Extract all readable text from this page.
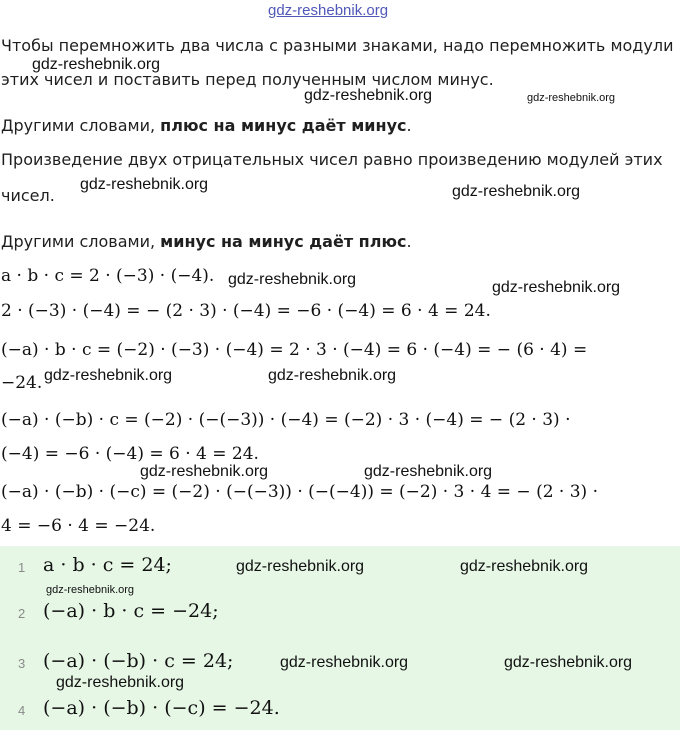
gdz-reshebnik.org
gdz-reshebnik.org
gdz-reshebnik.org	gdz-reshebnik.org
gdz-reshebnik.org	gdz-reshebnik.org
gdz-reshebnik.org	gdz-reshebnik.org
gdz-reshebnik.org	gdz-reshebnik.org
gdz-reshebnik.org	gdz-reshebnik.org

Чтобы перемножить два числа с разными знаками, надо перемножить модули

этих чисел и поставить перед полученным числом минус.

Другими словами, плюс на минус даёт минус.

Произведение двух отрицательных чисел равно произведению модулей этих

чисел.

Другими словами, минус на минус даёт плюс.

a · b · c = 2 · (−3) · (−4).
2 · (−3) · (−4) = − (2 · 3) · (−4) = −6 · (−4) = 6 · 4 = 24.
(−a) · b · c = (−2) · (−3) · (−4) = 2 · 3 · (−4) = 6 · (−4) = − (6 · 4) =
−24.
(−a) · (−b) · c = (−2) · (−(−3)) · (−4) = (−2) · 3 · (−4) = − (2 · 3) ·
(−4) = −6 · (−4) = 6 · 4 = 24.
(−a) · (−b) · (−c) = (−2) · (−(−3)) · (−(−4)) = (−2) · 3 · 4 = − (2 · 3) ·
4 = −6 · 4 = −24.
1 a · b · c = 24;
2 (−a) · b · c = −24;
3 (−a) · (−b) · c = 24;
4 (−a) · (−b) · (−c) = −24.
gdz-reshebnik.org	gdz-reshebnik.org
gdz-reshebnik.org
gdz-reshebnik.org	gdz-reshebnik.org
gdz-reshebnik.org
